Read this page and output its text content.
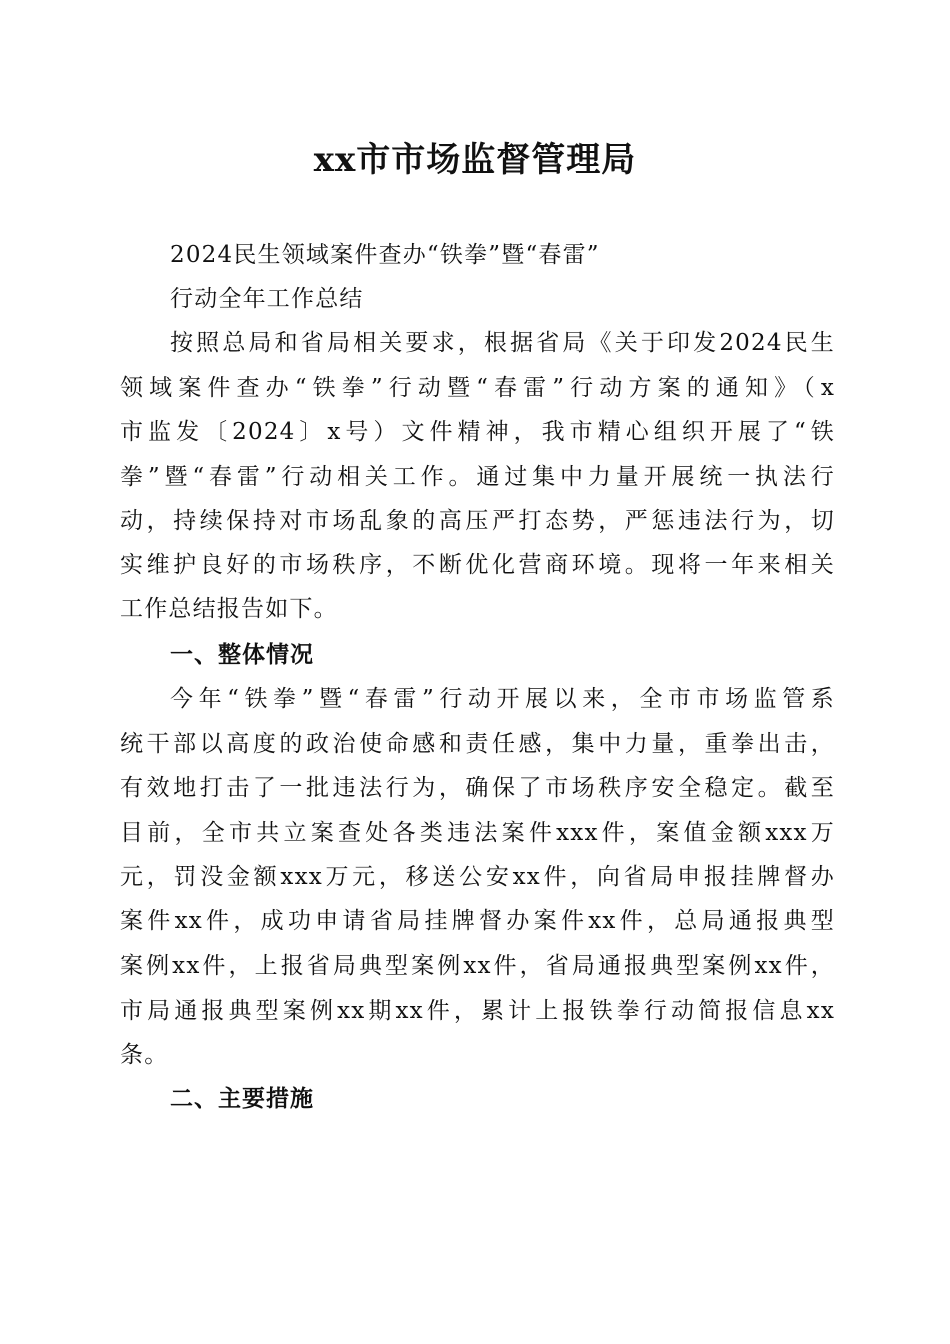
xx市市场监督管理局
2024民生领域案件查办“铁拳”暨“春雷”
行动全年工作总结
按照总局和省局相关要求，根据省局《关于印发2024民生
领域案件查办“铁拳”行动暨“春雷”行动方案的通知》（x
市监发〔2024〕x号）文件精神，我市精心组织开展了“铁
拳”暨“春雷”行动相关工作。通过集中力量开展统一执法行
动，持续保持对市场乱象的高压严打态势，严惩违法行为，切
实维护良好的市场秩序，不断优化营商环境。现将一年来相关
工作总结报告如下。
一、整体情况
今年“铁拳”暨“春雷”行动开展以来，全市市场监管系
统干部以高度的政治使命感和责任感，集中力量，重拳出击，
有效地打击了一批违法行为，确保了市场秩序安全稳定。截至
目前，全市共立案查处各类违法案件xxx件，案值金额xxx万
元，罚没金额xxx万元，移送公安xx件，向省局申报挂牌督办
案件xx件，成功申请省局挂牌督办案件xx件，总局通报典型
案例xx件，上报省局典型案例xx件，省局通报典型案例xx件，
市局通报典型案例xx期xx件，累计上报铁拳行动简报信息xx
条。
二、主要措施
